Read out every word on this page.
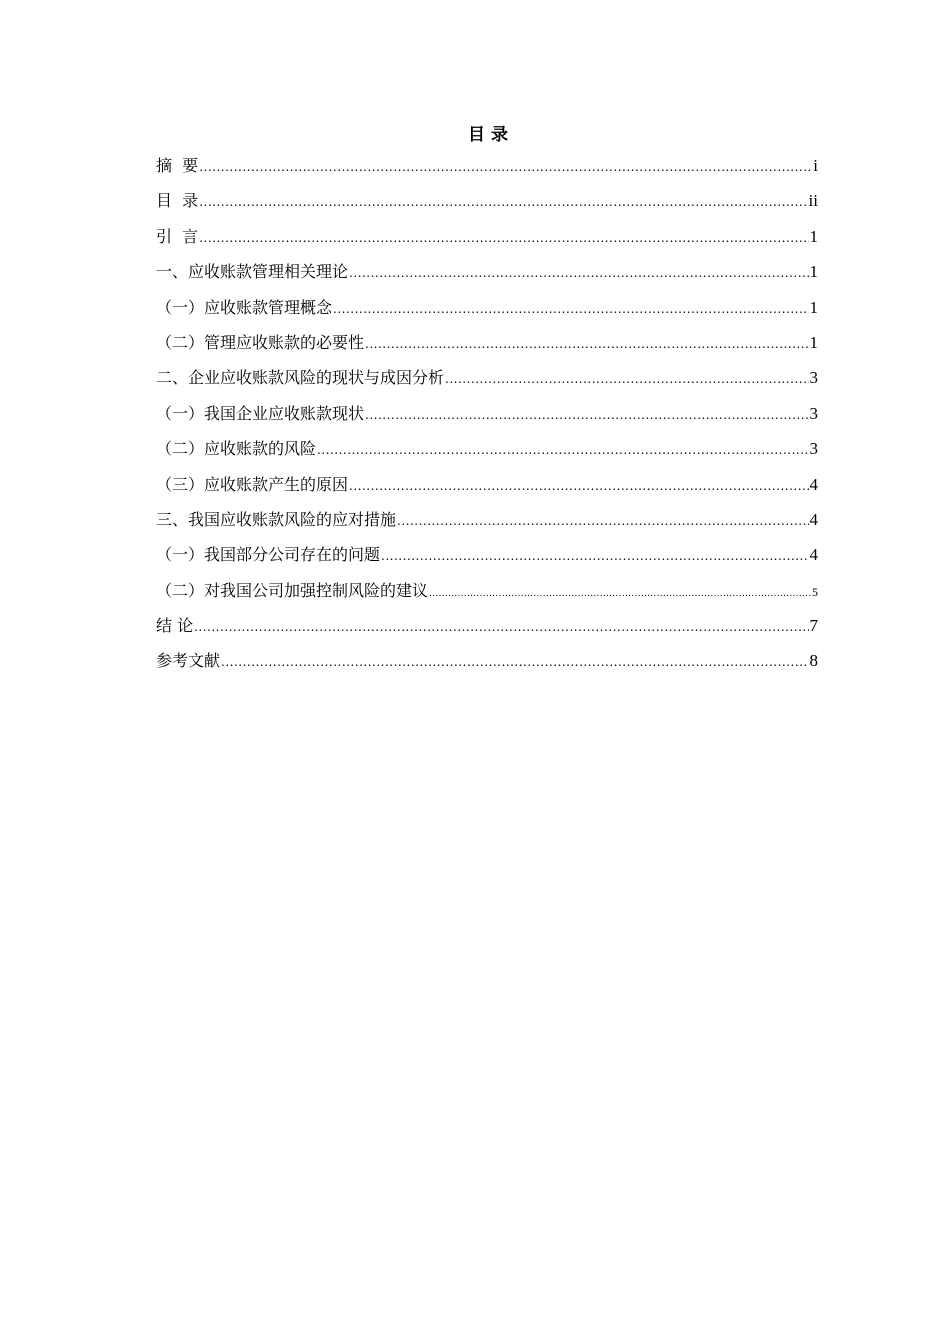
目 录
摘  要 .....	i
目  录 .....	ii
引  言 .....	1
一、应收账款管理相关理论 .....	1
（一）应收账款管理概念 .....	1
（二）管理应收账款的必要性 .....	1
二、企业应收账款风险的现状与成因分析 .....	3
（一）我国企业应收账款现状 .....	3
（二）应收账款的风险 .....	3
（三）应收账款产生的原因 .....	4
三、我国应收账款风险的应对措施 .....	4
（一）我国部分公司存在的问题 .....	4
（二）对我国公司加强控制风险的建议 .....	5
结 论 .....	7
参考文献 .....	8
